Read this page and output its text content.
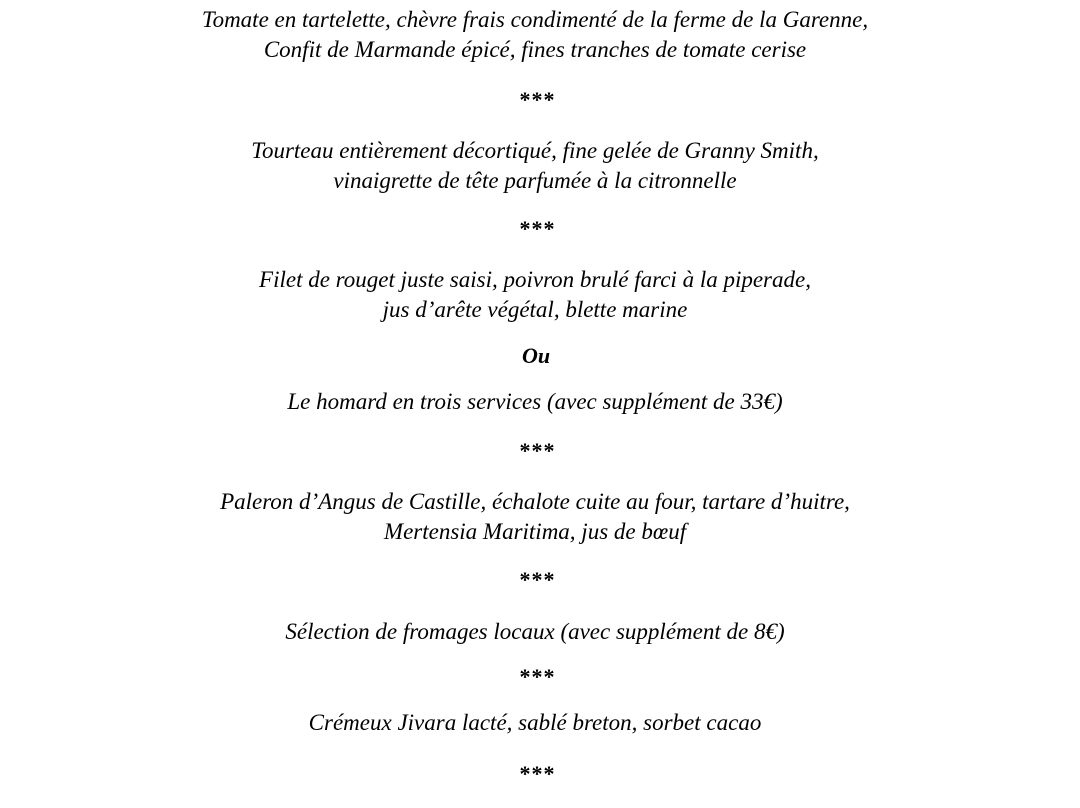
Tomate en tartelette, chèvre frais condimenté de la ferme de la Garenne,
Confit de Marmande épicé, fines tranches de tomate cerise
***
Tourteau entièrement décortiqué, fine gelée de Granny Smith,
vinaigrette de tête parfumée à la citronnelle
***
Filet de rouget juste saisi, poivron brulé farci à la piperade,
jus d’arête végétal, blette marine
Ou
Le homard en trois services (avec supplément de 33€)
***
Paleron d’Angus de Castille, échalote cuite au four, tartare d’huitre,
Mertensia Maritima, jus de bœuf
***
Sélection de fromages locaux (avec supplément de 8€)
***
Crémeux Jivara lacté, sablé breton, sorbet cacao
***
